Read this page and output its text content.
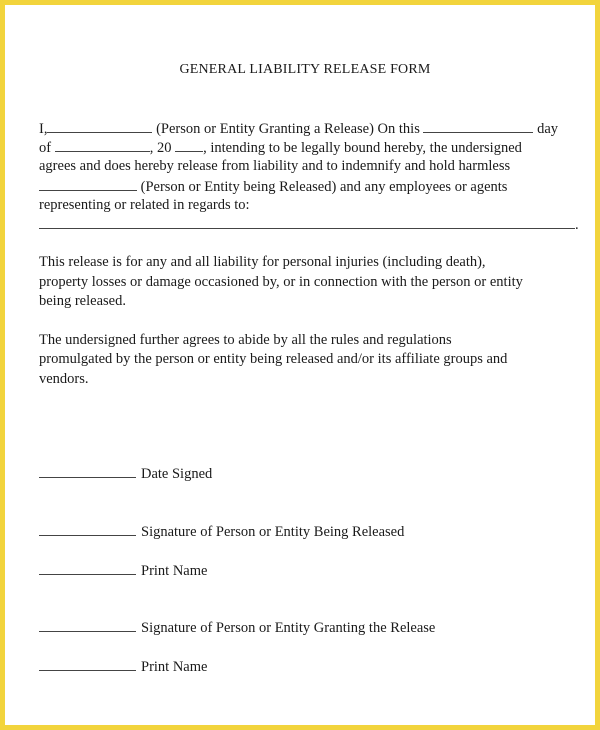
GENERAL LIABILITY RELEASE FORM
I,	(Person or Entity Granting a Release) On this	day
of	, 20 , intending to be legally bound hereby, the undersigned
agrees and does hereby release from liability and to indemnify and hold harmless
(Person or Entity being Released) and any employees or agents
representing or related in regards to:
.
This release is for any and all liability for personal injuries (including death),
property losses or damage occasioned by, or in connection with the person or entity
being released.
The undersigned further agrees to abide by all the rules and regulations
promulgated by the person or entity being released and/or its affiliate groups and
vendors.
Date Signed
Signature of Person or Entity Being Released
Print Name
Signature of Person or Entity Granting the Release
Print Name
